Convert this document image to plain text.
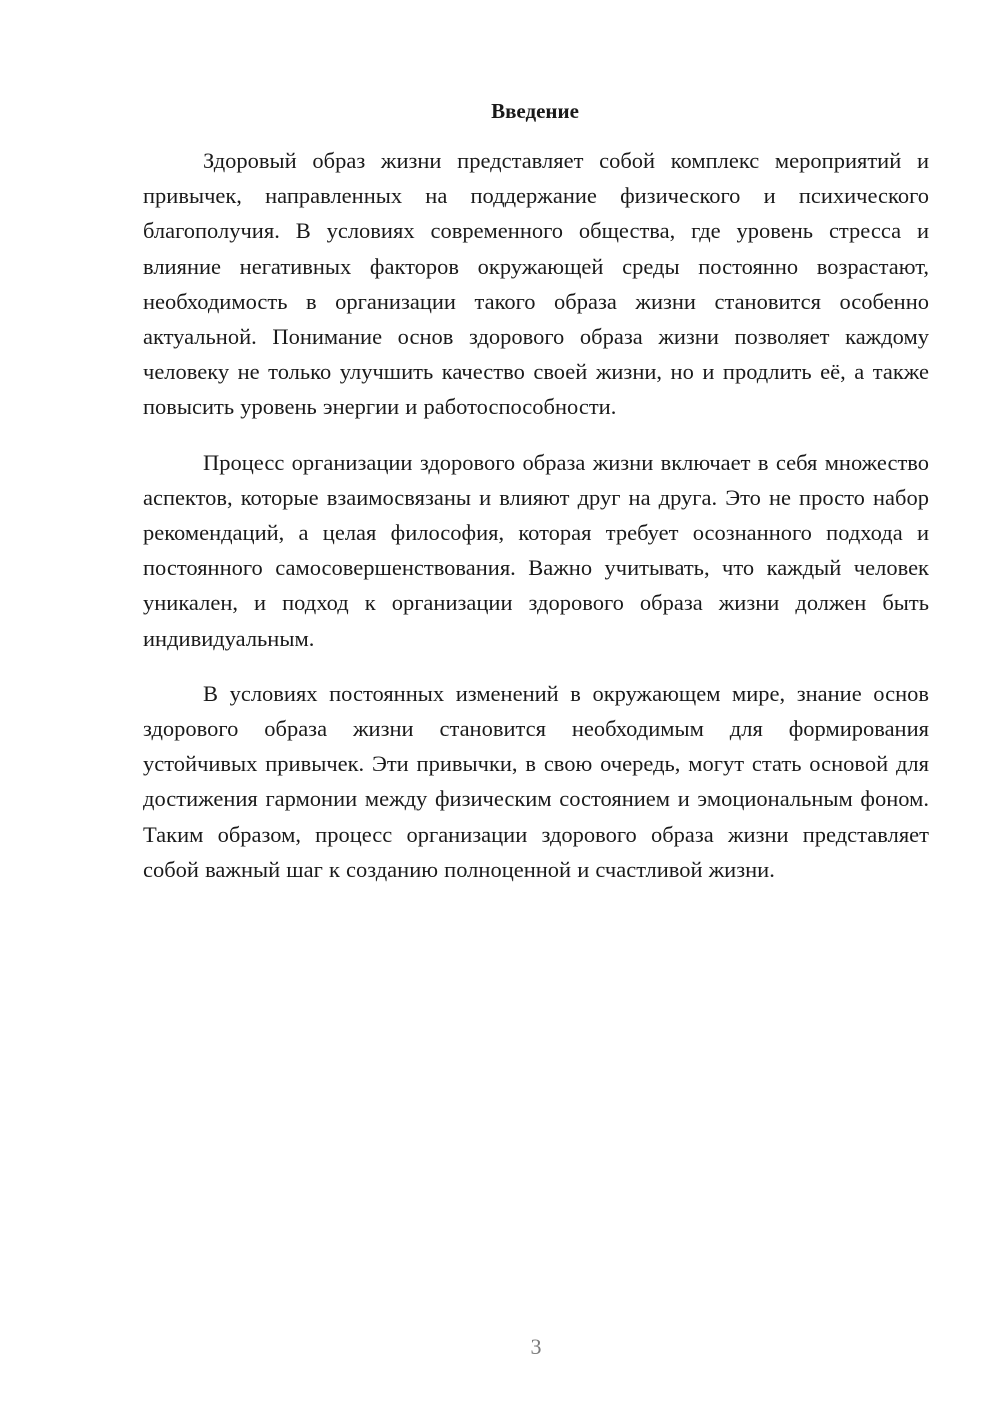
Введение

Здоровый образ жизни представляет собой комплекс мероприятий и привычек, направленных на поддержание физического и психического благополучия. В условиях современного общества, где уровень стресса и влияние негативных факторов окружающей среды постоянно возрастают, необходимость в организации такого образа жизни становится особенно актуальной. Понимание основ здорового образа жизни позволяет каждому человеку не только улучшить качество своей жизни, но и продлить её, а также повысить уровень энергии и работоспособности.

Процесс организации здорового образа жизни включает в себя множество аспектов, которые взаимосвязаны и влияют друг на друга. Это не просто набор рекомендаций, а целая философия, которая требует осознанного подхода и постоянного самосовершенствования. Важно учитывать, что каждый человек уникален, и подход к организации здорового образа жизни должен быть индивидуальным.

В условиях постоянных изменений в окружающем мире, знание основ здорового образа жизни становится необходимым для формирования устойчивых привычек. Эти привычки, в свою очередь, могут стать основой для достижения гармонии между физическим состоянием и эмоциональным фоном. Таким образом, процесс организации здорового образа жизни представляет собой важный шаг к созданию полноценной и счастливой жизни.

3
